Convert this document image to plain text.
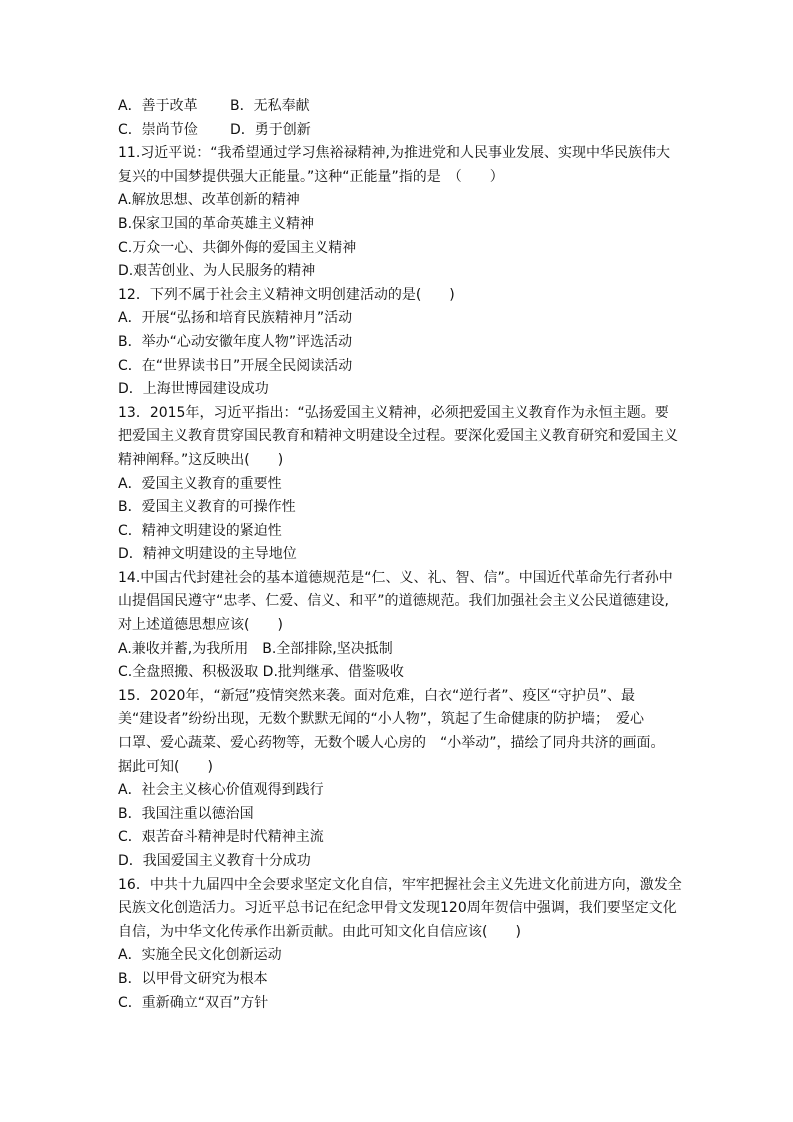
A．善于改革 B．无私奉献
C．崇尚节俭 D．勇于创新
11.习近平说：“我希望通过学习焦裕禄精神,为推进党和人民事业发展、实现中华民族伟大
复兴的中国梦提供强大正能量。”这种“正能量”指的是　（　　）
A.解放思想、改革创新的精神
B.保家卫国的革命英雄主义精神
C.万众一心、共御外侮的爱国主义精神
D.艰苦创业、为人民服务的精神
12．下列不属于社会主义精神文明创建活动的是(　　)
A．开展“弘扬和培育民族精神月”活动
B．举办“心动安徽年度人物”评选活动
C．在“世界读书日”开展全民阅读活动
D．上海世博园建设成功
13．2015年，习近平指出：“弘扬爱国主义精神，必须把爱国主义教育作为永恒主题。要
把爱国主义教育贯穿国民教育和精神文明建设全过程。要深化爱国主义教育研究和爱国主义
精神阐释。”这反映出(　　)
A．爱国主义教育的重要性
B．爱国主义教育的可操作性
C．精神文明建设的紧迫性
D．精神文明建设的主导地位
14.中国古代封建社会的基本道德规范是“仁、义、礼、智、信”。中国近代革命先行者孙中
山提倡国民遵守“忠孝、仁爱、信义、和平”的道德规范。我们加强社会主义公民道德建设,
对上述道德思想应该(　　)
A.兼收并蓄,为我所用　B.全部排除,坚决抵制
C.全盘照搬、积极汲取 D.批判继承、借鉴吸收
15．2020年，“新冠”疫情突然来袭。面对危难，白衣“逆行者”、疫区“守护员”、最
美“建设者”纷纷出现，无数个默默无闻的“小人物”，筑起了生命健康的防护墙；　爱心
口罩、爱心蔬菜、爱心药物等，无数个暖人心房的　“小举动”，描绘了同舟共济的画面。
据此可知(　　)
A．社会主义核心价值观得到践行
B．我国注重以德治国
C．艰苦奋斗精神是时代精神主流
D．我国爱国主义教育十分成功
16．中共十九届四中全会要求坚定文化自信，牢牢把握社会主义先进文化前进方向，激发全
民族文化创造活力。习近平总书记在纪念甲骨文发现120周年贺信中强调，我们要坚定文化
自信，为中华文化传承作出新贡献。由此可知文化自信应该(　　)
A．实施全民文化创新运动
B．以甲骨文研究为根本
C．重新确立“双百”方针
